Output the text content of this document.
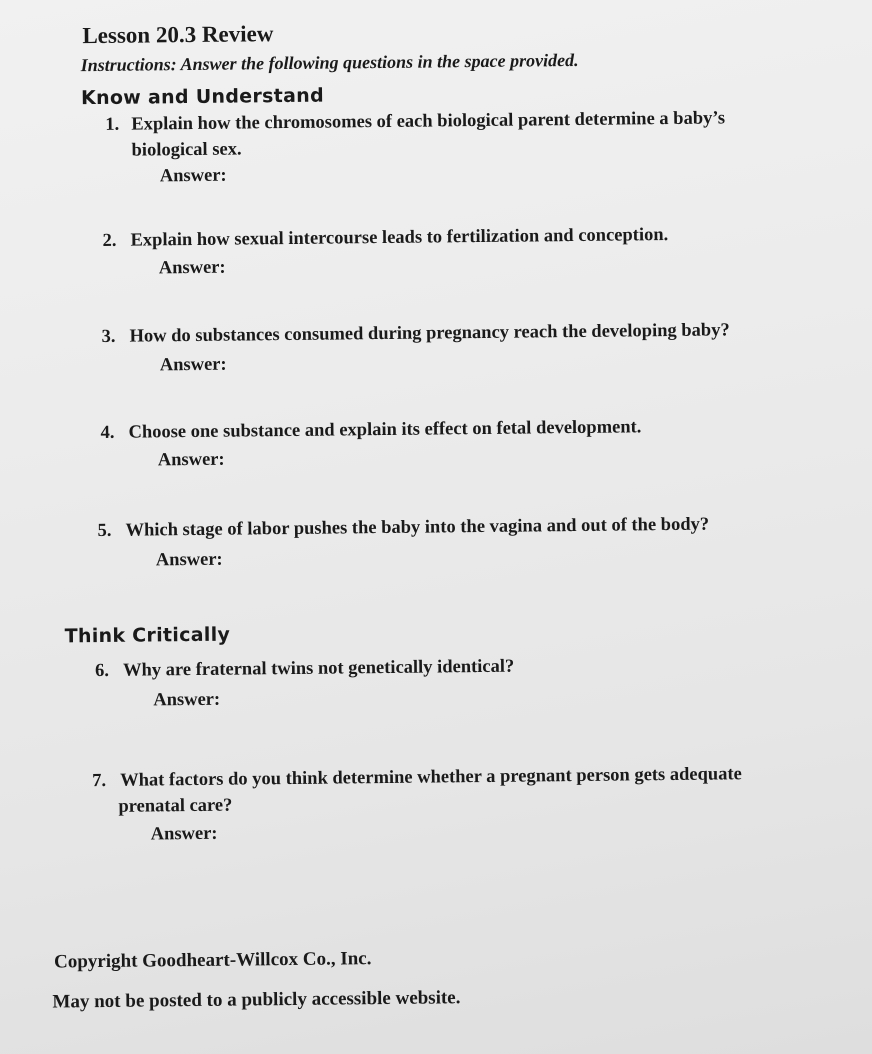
Lesson 20.3 Review
Instructions: Answer the following questions in the space provided.
Know and Understand
1. Explain how the chromosomes of each biological parent determine a baby’s
biological sex.
Answer:
2. Explain how sexual intercourse leads to fertilization and conception.
Answer:
3. How do substances consumed during pregnancy reach the developing baby?
Answer:
4. Choose one substance and explain its effect on fetal development.
Answer:
5. Which stage of labor pushes the baby into the vagina and out of the body?
Answer:
Think Critically
6. Why are fraternal twins not genetically identical?
Answer:
7. What factors do you think determine whether a pregnant person gets adequate
prenatal care?
Answer:
Copyright Goodheart-Willcox Co., Inc.
May not be posted to a publicly accessible website.
